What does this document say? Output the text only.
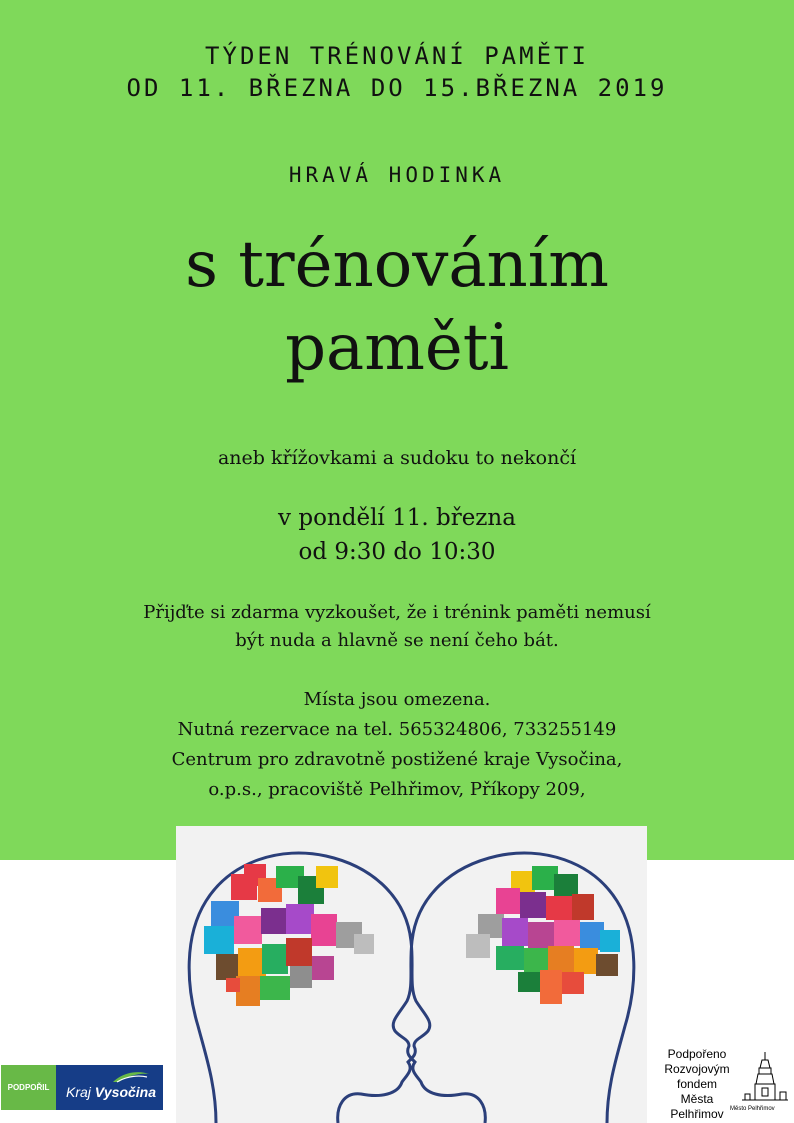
TÝDEN TRÉNOVÁNÍ PAMĚTI
OD 11. BŘEZNA DO 15.BŘEZNA 2019
HRAVÁ HODINKA
s trénováním
paměti
aneb křížovkami a sudoku to nekončí
v pondělí 11. března
od 9:30 do 10:30
Přijďte si zdarma vyzkoušet, že i trénink paměti nemusí
být nuda a hlavně se není čeho bát.
Místa jsou omezena.
Nutná rezervace na tel. 565324806, 733255149
Centrum pro zdravotně postižené kraje Vysočina,
o.p.s., pracoviště Pelhřimov, Příkopy 209,
PODPOŘIL	Kraj Vysočina
Podpořeno
Rozvojovým
fondem
Města
Pelhřimov	Město Pelhřimov
